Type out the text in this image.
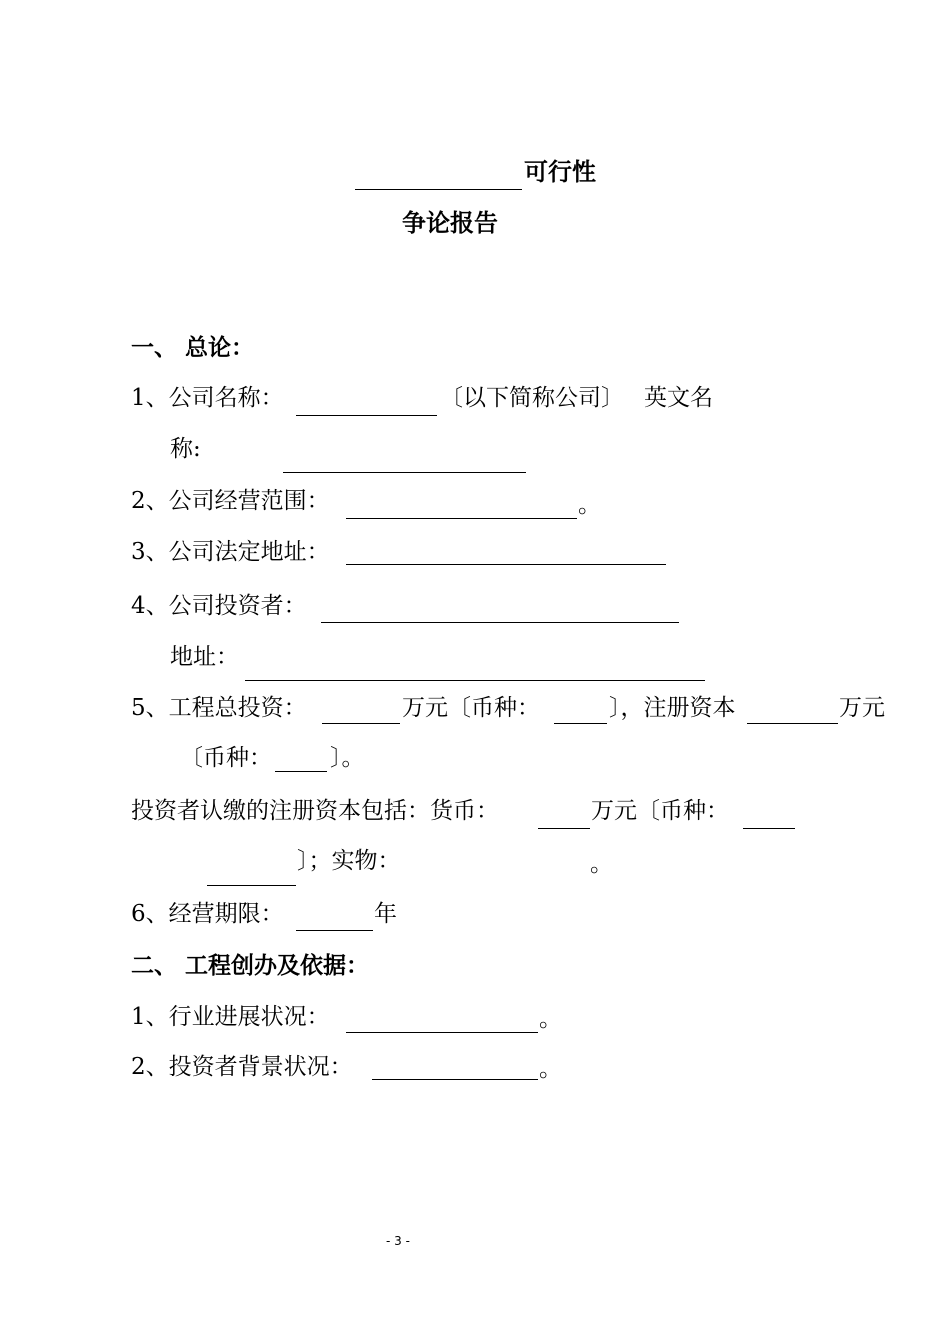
可行性
争论报告
一、 总论：
1、公司名称：	〔以下简称公司〕 英文名
称:
2、公司经营范围：	。
3、公司法定地址：
4、公司投资者：
地址：
5、工程总投资：	万元〔币种：	〕，注册资本	万元
〔币种：	〕。
投资者认缴的注册资本包括：货币：	万元〔币种：
〕；实物：	。
6、经营期限：	年
二、 工程创办及依据：
1、行业进展状况：	。
2、投资者背景状况：	。
- 3 -
